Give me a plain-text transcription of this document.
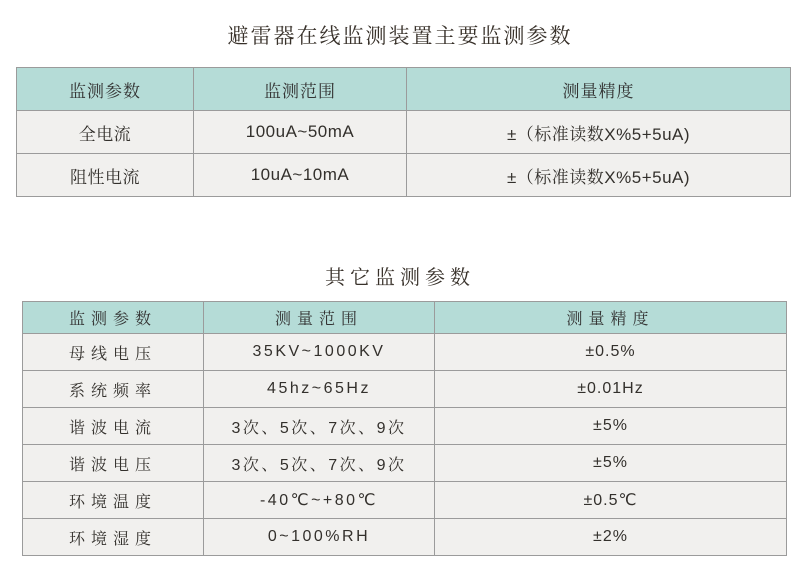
避雷器在线监测装置主要监测参数
监测参数	监测范围	测量精度
全电流	100uA~50mA	±（标准读数X%5+5uA)
阻性电流	10uA~10mA	±（标准读数X%5+5uA)
其它监测参数
监测参数	测量范围	测量精度
母线电压	35KV~1000KV	±0.5%
系统频率	45hz~65Hz	±0.01Hz
谐波电流	3次、5次、7次、9次	±5%
谐波电压	3次、5次、7次、9次	±5%
环境温度	-40℃~+80℃	±0.5℃
环境湿度	0~100%RH	±2%
